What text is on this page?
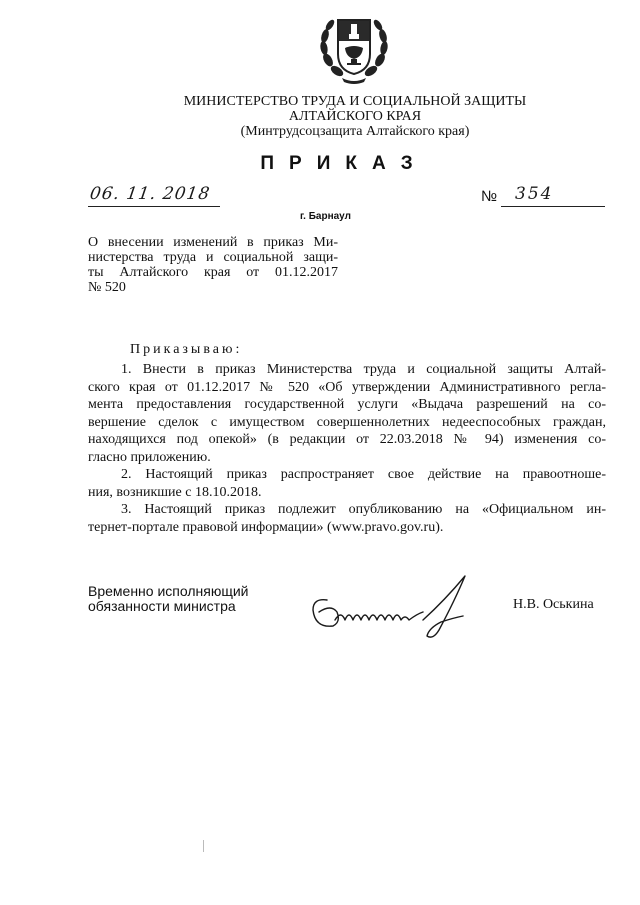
МИНИСТЕРСТВО ТРУДА И СОЦИАЛЬНОЙ ЗАЩИТЫ
АЛТАЙСКОГО КРАЯ
(Минтрудсоцзащита Алтайского края)
ПРИКАЗ
06. 11. 2018	№ 354
г. Барнаул
О внесении изменений в приказ Ми-
нистерства труда и социальной защи-
ты Алтайского края от 01.12.2017
№ 520
Приказываю:
1. Внести в приказ Министерства труда и социальной защиты Алтай-
ского края от 01.12.2017 № 520 «Об утверждении Административного регла-
мента предоставления государственной услуги «Выдача разрешений на со-
вершение сделок с имуществом совершеннолетних недееспособных граждан,
находящихся под опекой» (в редакции от 22.03.2018 № 94) изменения со-
гласно приложению.
2. Настоящий приказ распространяет свое действие на правоотноше-
ния, возникшие с 18.10.2018.
3. Настоящий приказ подлежит опубликованию на «Официальном ин-
тернет-портале правовой информации» (www.pravo.gov.ru).
Временно исполняющий
обязанности министра	Н.В. Оськина
